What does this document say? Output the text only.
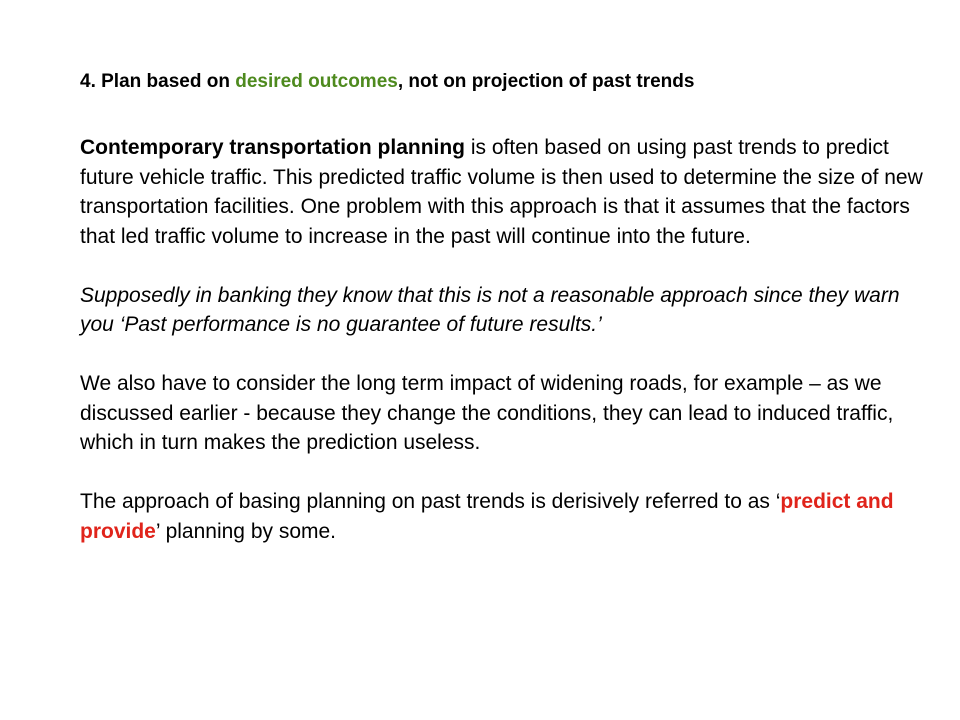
4. Plan based on desired outcomes, not on projection of past trends

Contemporary transportation planning is often based on using past trends to predict future vehicle traffic. This predicted traffic volume is then used to determine the size of new transportation facilities. One problem with this approach is that it assumes that the factors that led traffic volume to increase in the past will continue into the future.

Supposedly in banking they know that this is not a reasonable approach since they warn you ‘Past performance is no guarantee of future results.’

We also have to consider the long term impact of widening roads, for example – as we discussed earlier - because they change the conditions, they can lead to induced traffic, which in turn makes the prediction useless.

The approach of basing planning on past trends is derisively referred to as ‘predict and provide’ planning by some.
